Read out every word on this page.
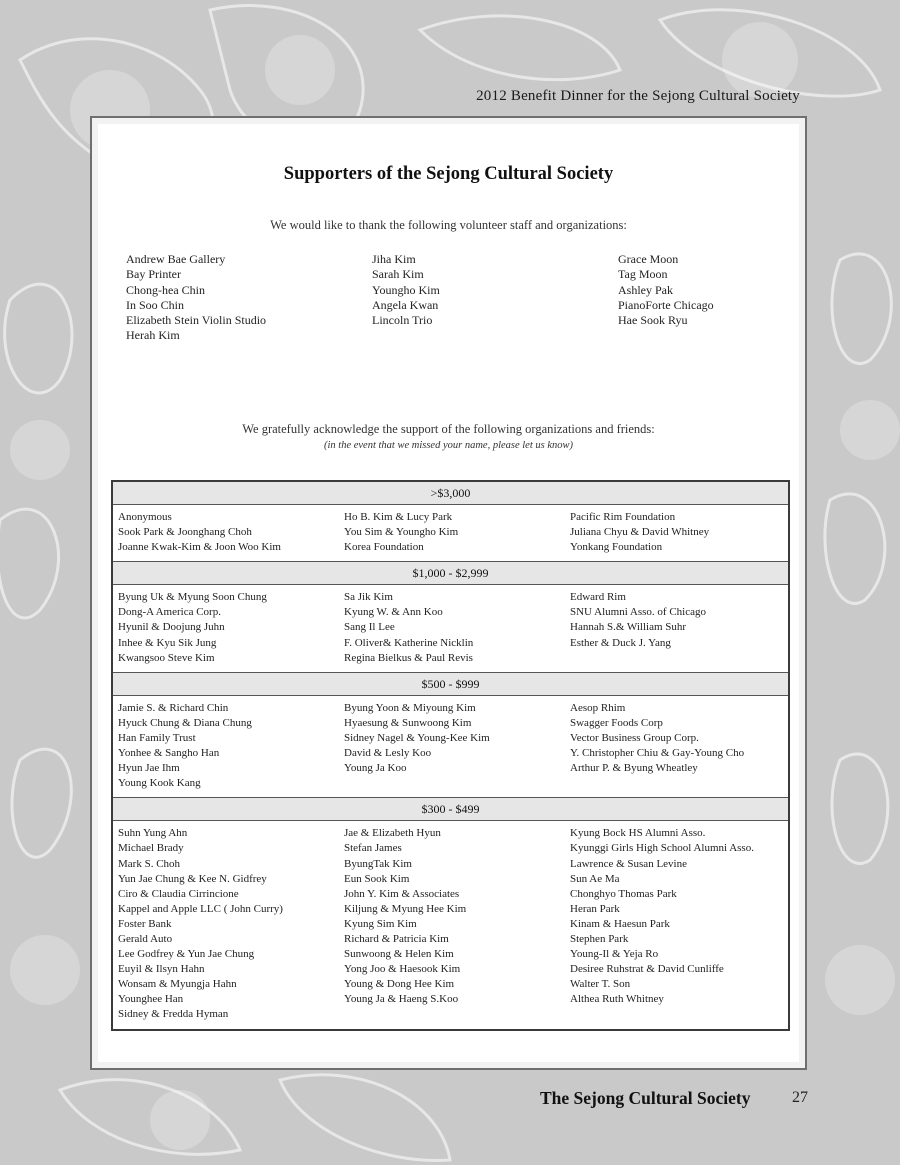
2012 Benefit Dinner for the Sejong Cultural Society
Supporters of the Sejong Cultural Society
We would like to thank the following volunteer staff and organizations:
Andrew Bae Gallery
Bay Printer
Chong-hea Chin
In Soo Chin
Elizabeth Stein Violin Studio
Herah Kim
Jiha Kim
Sarah Kim
Youngho Kim
Angela Kwan
Lincoln Trio
Grace Moon
Tag Moon
Ashley Pak
PianoForte Chicago
Hae Sook Ryu
We gratefully acknowledge the support of the following organizations and friends:
(in the event that we missed your name, please let us know)
>$3,000
Anonymous
Sook Park & Joonghang Choh
Joanne Kwak-Kim & Joon Woo Kim
Ho B. Kim & Lucy Park
You Sim & Youngho Kim
Korea Foundation
Pacific Rim Foundation
Juliana Chyu & David Whitney
Yonkang Foundation
$1,000 - $2,999
Byung Uk & Myung Soon Chung
Dong-A America Corp.
Hyunil & Doojung Juhn
Inhee & Kyu Sik Jung
Kwangsoo Steve Kim
Sa Jik Kim
Kyung W. & Ann Koo
Sang Il Lee
F. Oliver& Katherine Nicklin
Regina Bielkus & Paul Revis
Edward Rim
SNU Alumni Asso. of Chicago
Hannah S.& William Suhr
Esther & Duck J. Yang
$500 - $999
Jamie S. & Richard Chin
Hyuck Chung & Diana Chung
Han Family Trust
Yonhee & Sangho Han
Hyun Jae Ihm
Young Kook Kang
Byung Yoon & Miyoung Kim
Hyaesung & Sunwoong Kim
Sidney Nagel & Young-Kee Kim
David & Lesly Koo
Young Ja Koo
Aesop Rhim
Swagger Foods Corp
Vector Business Group Corp.
Y. Christopher Chiu & Gay-Young Cho
Arthur P. & Byung Wheatley
$300 - $499
Suhn Yung Ahn
Michael Brady
Mark S. Choh
Yun Jae Chung & Kee N. Gidfrey
Ciro & Claudia Cirrincione
Kappel and Apple LLC ( John Curry)
Foster Bank
Gerald Auto
Lee Godfrey & Yun Jae Chung
Euyil & Ilsyn Hahn
Wonsam & Myungja Hahn
Younghee Han
Sidney & Fredda Hyman
Jae & Elizabeth Hyun
Stefan James
ByungTak Kim
Eun Sook Kim
John Y. Kim & Associates
Kiljung & Myung Hee Kim
Kyung Sim Kim
Richard & Patricia Kim
Sunwoong & Helen Kim
Yong Joo & Haesook Kim
Young & Dong Hee Kim
Young Ja & Haeng S.Koo
Kyung Bock HS Alumni Asso.
Kyunggi Girls High School Alumni Asso.
Lawrence & Susan Levine
Sun Ae Ma
Chonghyo Thomas Park
Heran Park
Kinam & Haesun Park
Stephen Park
Young-Il & Yeja Ro
Desiree Ruhstrat & David Cunliffe
Walter T. Son
Althea Ruth Whitney
The Sejong Cultural Society	27
